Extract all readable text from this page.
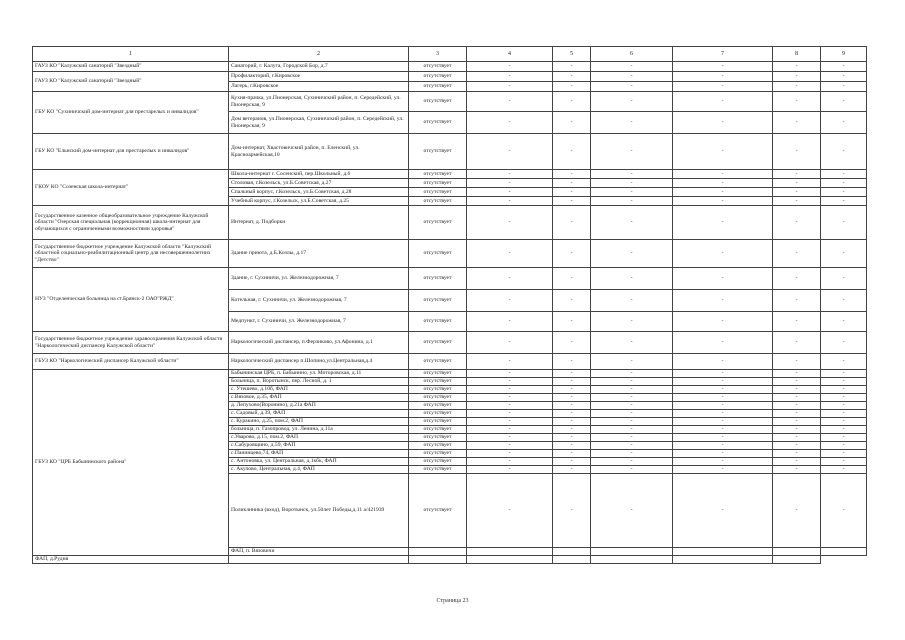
1	2	3	4	5	6	7	8	9
ГАУЗ КО "Калужский санаторий "Звездный"	Санаторий, г. Калуга, Городской Бор, д.7	отсутствует	-	-	-	-	-	-
ГАУЗ КО "Калужский санаторий "Звездный"	Профилакторий, г.Кировское	отсутствует	-	-	-	-	-	-
	Лагерь, г.Кировское	отсутствует	-	-	-	-	-	-
ГБУ КО "Сухиничский дом-интернат для престарелых и инвалидов"	Кухня-прачка, ул.Пионерская, Сухиничский район, п. Середейский, ул. Пионерская, 9	отсутствует	-	-	-	-	-	-
	Дом ветеранов, ул.Пионерская, Сухиничский район, п. Середейский, ул. Пионерская, 9	отсутствует	-	-	-	-	-	-
ГБУ КО "Ельнский дом-интернат для престарелых и инвалидов"	Дом-интернат, Хвастовичский район, п. Еленский, ул. Красноармейская,10	отсутствует	-	-	-	-	-	-
ГКОУ КО "Созенская школа-интернат"	Школа-интернат г. Сосенский, пер.Школьный, д.6	отсутствует	-	-	-	-	-	-
	Столовая, г.Козельск, ул.Б.Советская, д.27	отсутствует	-	-	-	-	-	-
	Спальный корпус, г.Козельск, ул.Б.Советская, д.28	отсутствует	-	-	-	-	-	-
	Учебный корпус, г.Козельск, ул.Б.Советская, д.25	отсутствует	-	-	-	-	-	-
Государственное казенное общеобразовательное учреждение Калужской области "Озерская специальная (коррекционная) школа-интернат для обучающихся с ограниченными возможностями здоровья"	Интернат, д. Подборки	отсутствует	-	-	-	-	-	-
Государственное бюджетное учреждение Калужской области "Калужский областной социально-реабилитационный центр для несовершеннолетних "Детство"	Здание приюта, д.Б.Козлы, д.17	отсутствует	-	-	-	-	-	-
НУЗ "Отделенческая больница на ст.Брянск-2 ОАО"РЖД"	Здание, г. Сухиничи, ул. Железнодорожная, 7	отсутствует	-	-	-	-	-	-
	Котельная, г. Сухиничи, ул. Железнодорожная, 7	отсутствует	-	-	-	-	-	-
	Медпункт, г. Сухиничи, ул. Железнодорожная, 7	отсутствует	-	-	-	-	-	-
Государственное бюджетное учреждение здравоохранения Калужской области "Наркологический диспансер Калужской области"	Наркологический диспансер, п.Ферзиково, ул.Афонина, д.1	отсутствует	-	-	-	-	-	-
ГБУЗ КО "Наркологический диспансер Калужской области"	Наркологический диспансер п.Шопино,ул.Центральная,д.4	отсутствует	-	-	-	-	-	-
ГБУЗ КО "ЦРБ Бабынинского района"	Бабынинская ЦРБ, п. Бабынино, ул. Моторовская, д.11	отсутствует	-	-	-	-	-	-
	Больница, п. Воротынск, пер. Лесной, д. 1	отсутствует	-	-	-	-	-	-
	с. Утешево, д.10б, ФАП	отсутствует	-	-	-	-	-	-
	с.Вязовое, д.35, ФАП	отсутствует	-	-	-	-	-	-
	д. Лепухово(Воронино), д.21а ФАП	отсутствует	-	-	-	-	-	-
	с. Садовый, д.39, ФАП	отсутствует	-	-	-	-	-	-
	с. Куракино, д.25, пом.2, ФАП	отсутствует	-	-	-	-	-	-
	больница, п. Газопровод, ул. Ленина, д.11а	отсутствует	-	-	-	-	-	-
	с.Уварово, д.15, пом.2, ФАП	отсутствует	-	-	-	-	-	-
	с.Сабуровщино, д.59, ФАП	отсутствует	-	-	-	-	-	-
	с.Панинцево,74, ФАП	отсутствует	-	-	-	-	-	-
	с. Антоновка, ул. Центральная, д.1кбк, ФАП	отсутствует	-	-	-	-	-	-
	с. Акулово, Центральная, д.4, ФАП	отсутствует	-	-	-	-	-	-
	Поликлиника (вход), Воротынск, ул.50лет Победы,д.11 а/421939	отсутствует	-	-	-	-	-	-
	ФАП, п. Вязовичи							
ФАП, д.Рудня								
Страница 23
